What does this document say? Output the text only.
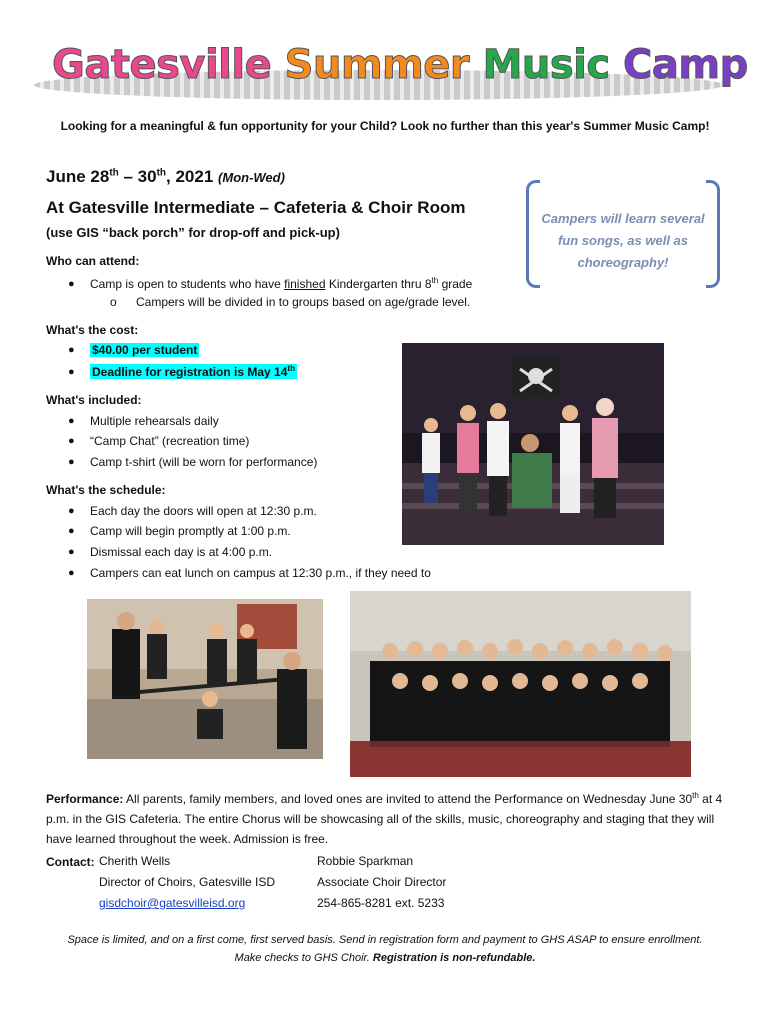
Gatesville Summer Music Camp
Looking for a meaningful & fun opportunity for your Child? Look no further than this year's Summer Music Camp!
June 28th – 30th, 2021 (Mon-Wed)
At Gatesville Intermediate – Cafeteria & Choir Room
(use GIS “back porch” for drop-off and pick-up)
Campers will learn several
fun songs, as well as
choreography!
Who can attend:
●	Camp is open to students who have finished Kindergarten thru 8th grade
o Campers will be divided in to groups based on age/grade level.
What's the cost:
●	$40.00 per student
●	Deadline for registration is May 14th
What's included:
●	Multiple rehearsals daily
●	“Camp Chat” (recreation time)
●	Camp t-shirt (will be worn for performance)
What's the schedule:
●	Each day the doors will open at 12:30 p.m.
●	Camp will begin promptly at 1:00 p.m.
●	Dismissal each day is at 4:00 p.m.
●	Campers can eat lunch on campus at 12:30 p.m., if they need to
Performance: All parents, family members, and loved ones are invited to attend the Performance on Wednesday June 30th at 4 p.m. in the GIS Cafeteria. The entire Chorus will be showcasing all of the skills, music, choreography and staging that they will have learned throughout the week. Admission is free.
Contact: Cherith Wells
Director of Choirs, Gatesville ISD
gisdchoir@gatesvilleisd.org
Robbie Sparkman
Associate Choir Director
254-865-8281 ext. 5233
Space is limited, and on a first come, first served basis. Send in registration form and payment to GHS ASAP to ensure enrollment.
Make checks to GHS Choir. Registration is non-refundable.
